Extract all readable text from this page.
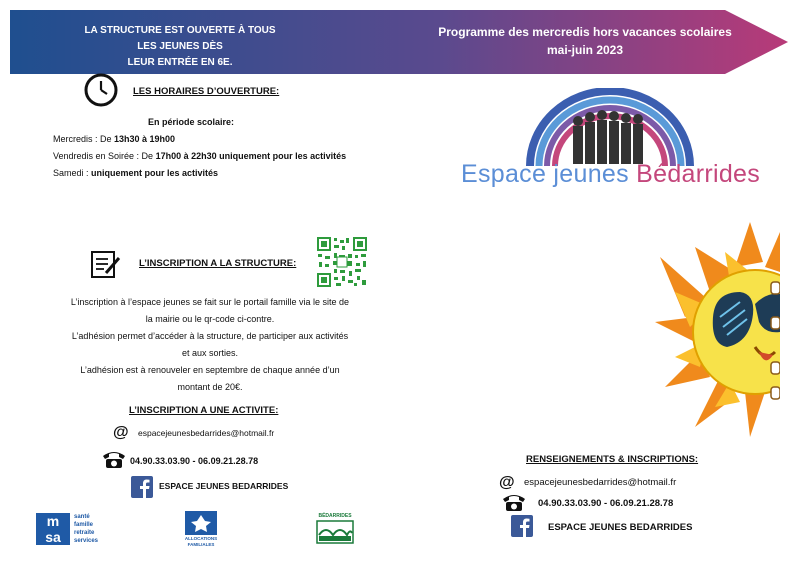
LA STRUCTURE EST OUVERTE À TOUS LES JEUNES DÈS
LEUR ENTRÉE EN 6E.
Programme des mercredis hors vacances scolaires
mai-juin 2023
LES HORAIRES D’OUVERTURE:
En période scolaire:
Mercredis : De 13h30 à 19h00
Vendredis en Soirée : De 17h00 à 22h30 uniquement pour les activités
Samedi : uniquement pour les activités	Espace jeunes Bédarrides
L’INSCRIPTION A LA STRUCTURE:
L’inscription à l’espace jeunes se fait sur le portail famille via le site de
la mairie ou le qr-code ci-contre.
L’adhésion permet d’accéder à la structure, de participer aux activités
et aux sorties.
L’adhésion est à renouveler en septembre de chaque année d’un
montant de 20€.
L’INSCRIPTION A UNE ACTIVITE:
@ espacejeunesbedarrides@hotmail.fr
04.90.33.03.90 - 06.09.21.28.78
ESPACE JEUNES BEDARRIDES
m
sa
santé
famille
retraite
services	ALLOCATIONS
FAMILIALES
BÉDARRIDES
RENSEIGNEMENTS & INSCRIPTIONS:
@ espacejeunesbedarrides@hotmail.fr
04.90.33.03.90 - 06.09.21.28.78
ESPACE JEUNES BEDARRIDES
